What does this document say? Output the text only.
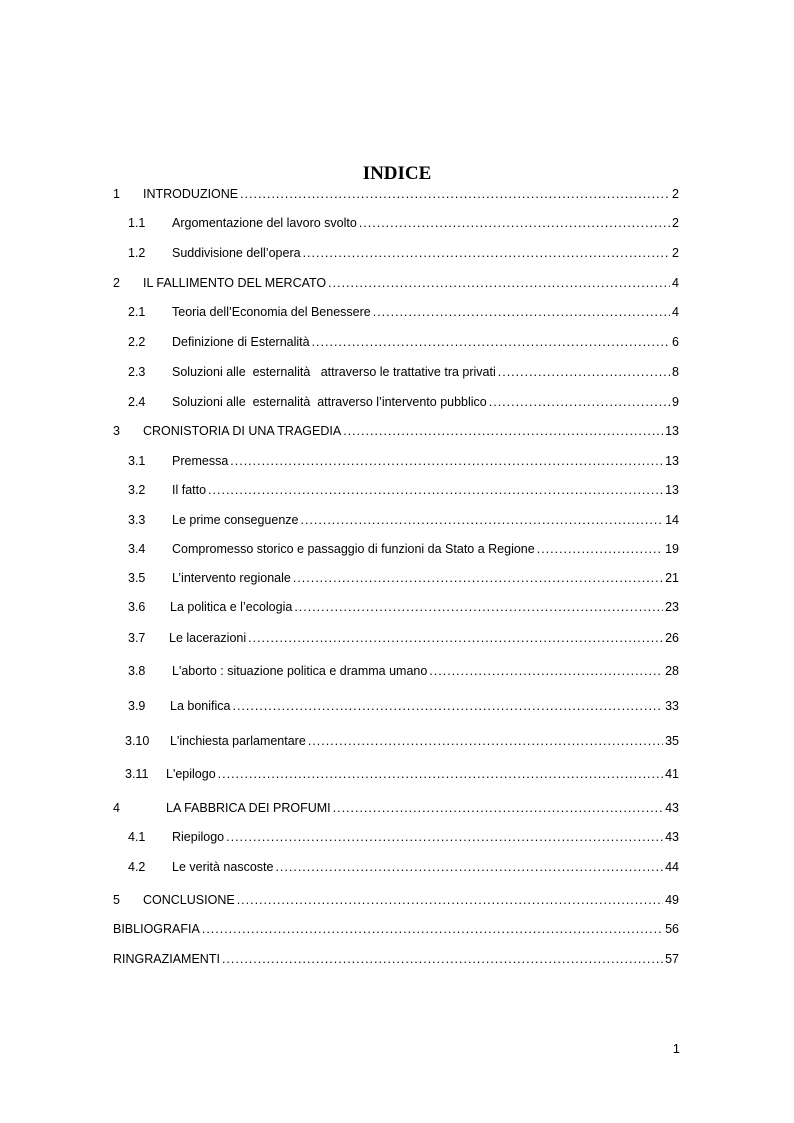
INDICE
1 INTRODUZIONE .....	2
1.1 Argomentazione del lavoro svolto .....	2
1.2 Suddivisione dell’opera .....	2
2 IL FALLIMENTO DEL MERCATO .....	4
2.1 Teoria dell’Economia del Benessere .....	4
2.2 Definizione di Esternalità .....	6
2.3 Soluzioni alle  esternalità   attraverso le trattative tra privati .....	8
2.4 Soluzioni alle  esternalità  attraverso l’intervento pubblico .....	9
3 CRONISTORIA DI UNA TRAGEDIA .....	13
3.1 Premessa .....	13
3.2 Il fatto .....	13
3.3 Le prime conseguenze .....	14
3.4 Compromesso storico e passaggio di funzioni da Stato a Regione .....	19
3.5 L’intervento regionale .....	21
3.6 La politica e l’ecologia .....	23
3.7 Le lacerazioni .....	26
3.8 L'aborto : situazione politica e dramma umano .....	28
3.9 La bonifica .....	33
3.10 L'inchiesta parlamentare .....	35
3.11 L'epilogo .....	41
4	LA FABBRICA DEI PROFUMI .....	43
4.1 Riepilogo .....	43
4.2 Le verità nascoste .....	44
5 CONCLUSIONE .....	49
BIBLIOGRAFIA .....	56
RINGRAZIAMENTI .....	57
1
